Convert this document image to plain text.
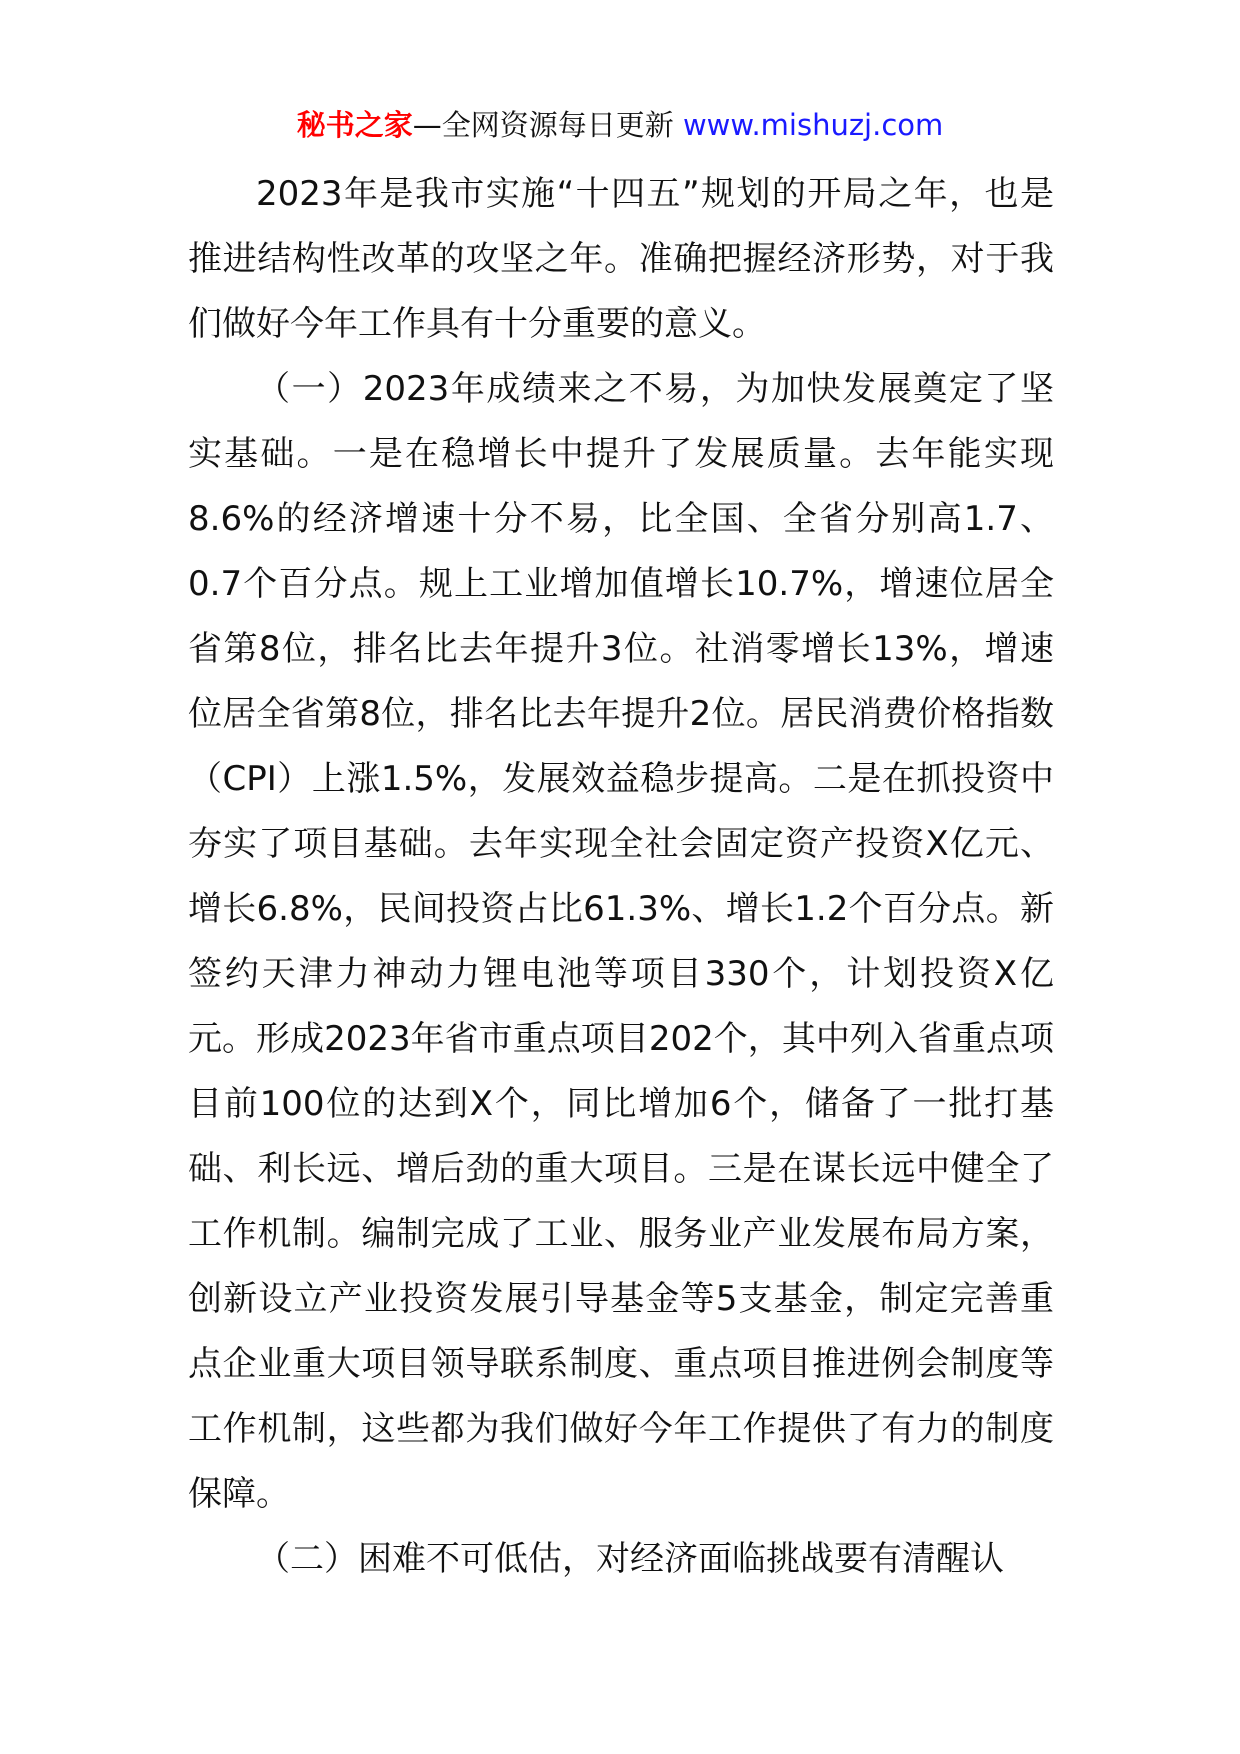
秘书之家—全网资源每日更新 www.mishuzj.com

2023年是我市实施“十四五”规划的开局之年，也是推进结构性改革的攻坚之年。准确把握经济形势，对于我们做好今年工作具有十分重要的意义。

（一）2023年成绩来之不易，为加快发展奠定了坚实基础。一是在稳增长中提升了发展质量。去年能实现8.6%的经济增速十分不易，比全国、全省分别高1.7、0.7个百分点。规上工业增加值增长10.7%，增速位居全省第8位，排名比去年提升3位。社消零增长13%，增速位居全省第8位，排名比去年提升2位。居民消费价格指数（CPI）上涨1.5%，发展效益稳步提高。二是在抓投资中夯实了项目基础。去年实现全社会固定资产投资X亿元、增长6.8%，民间投资占比61.3%、增长1.2个百分点。新签约天津力神动力锂电池等项目330个，计划投资X亿元。形成2023年省市重点项目202个，其中列入省重点项目前100位的达到X个，同比增加6个，储备了一批打基础、利长远、增后劲的重大项目。三是在谋长远中健全了工作机制。编制完成了工业、服务业产业发展布局方案，创新设立产业投资发展引导基金等5支基金，制定完善重点企业重大项目领导联系制度、重点项目推进例会制度等工作机制，这些都为我们做好今年工作提供了有力的制度保障。

（二）困难不可低估，对经济面临挑战要有清醒认
